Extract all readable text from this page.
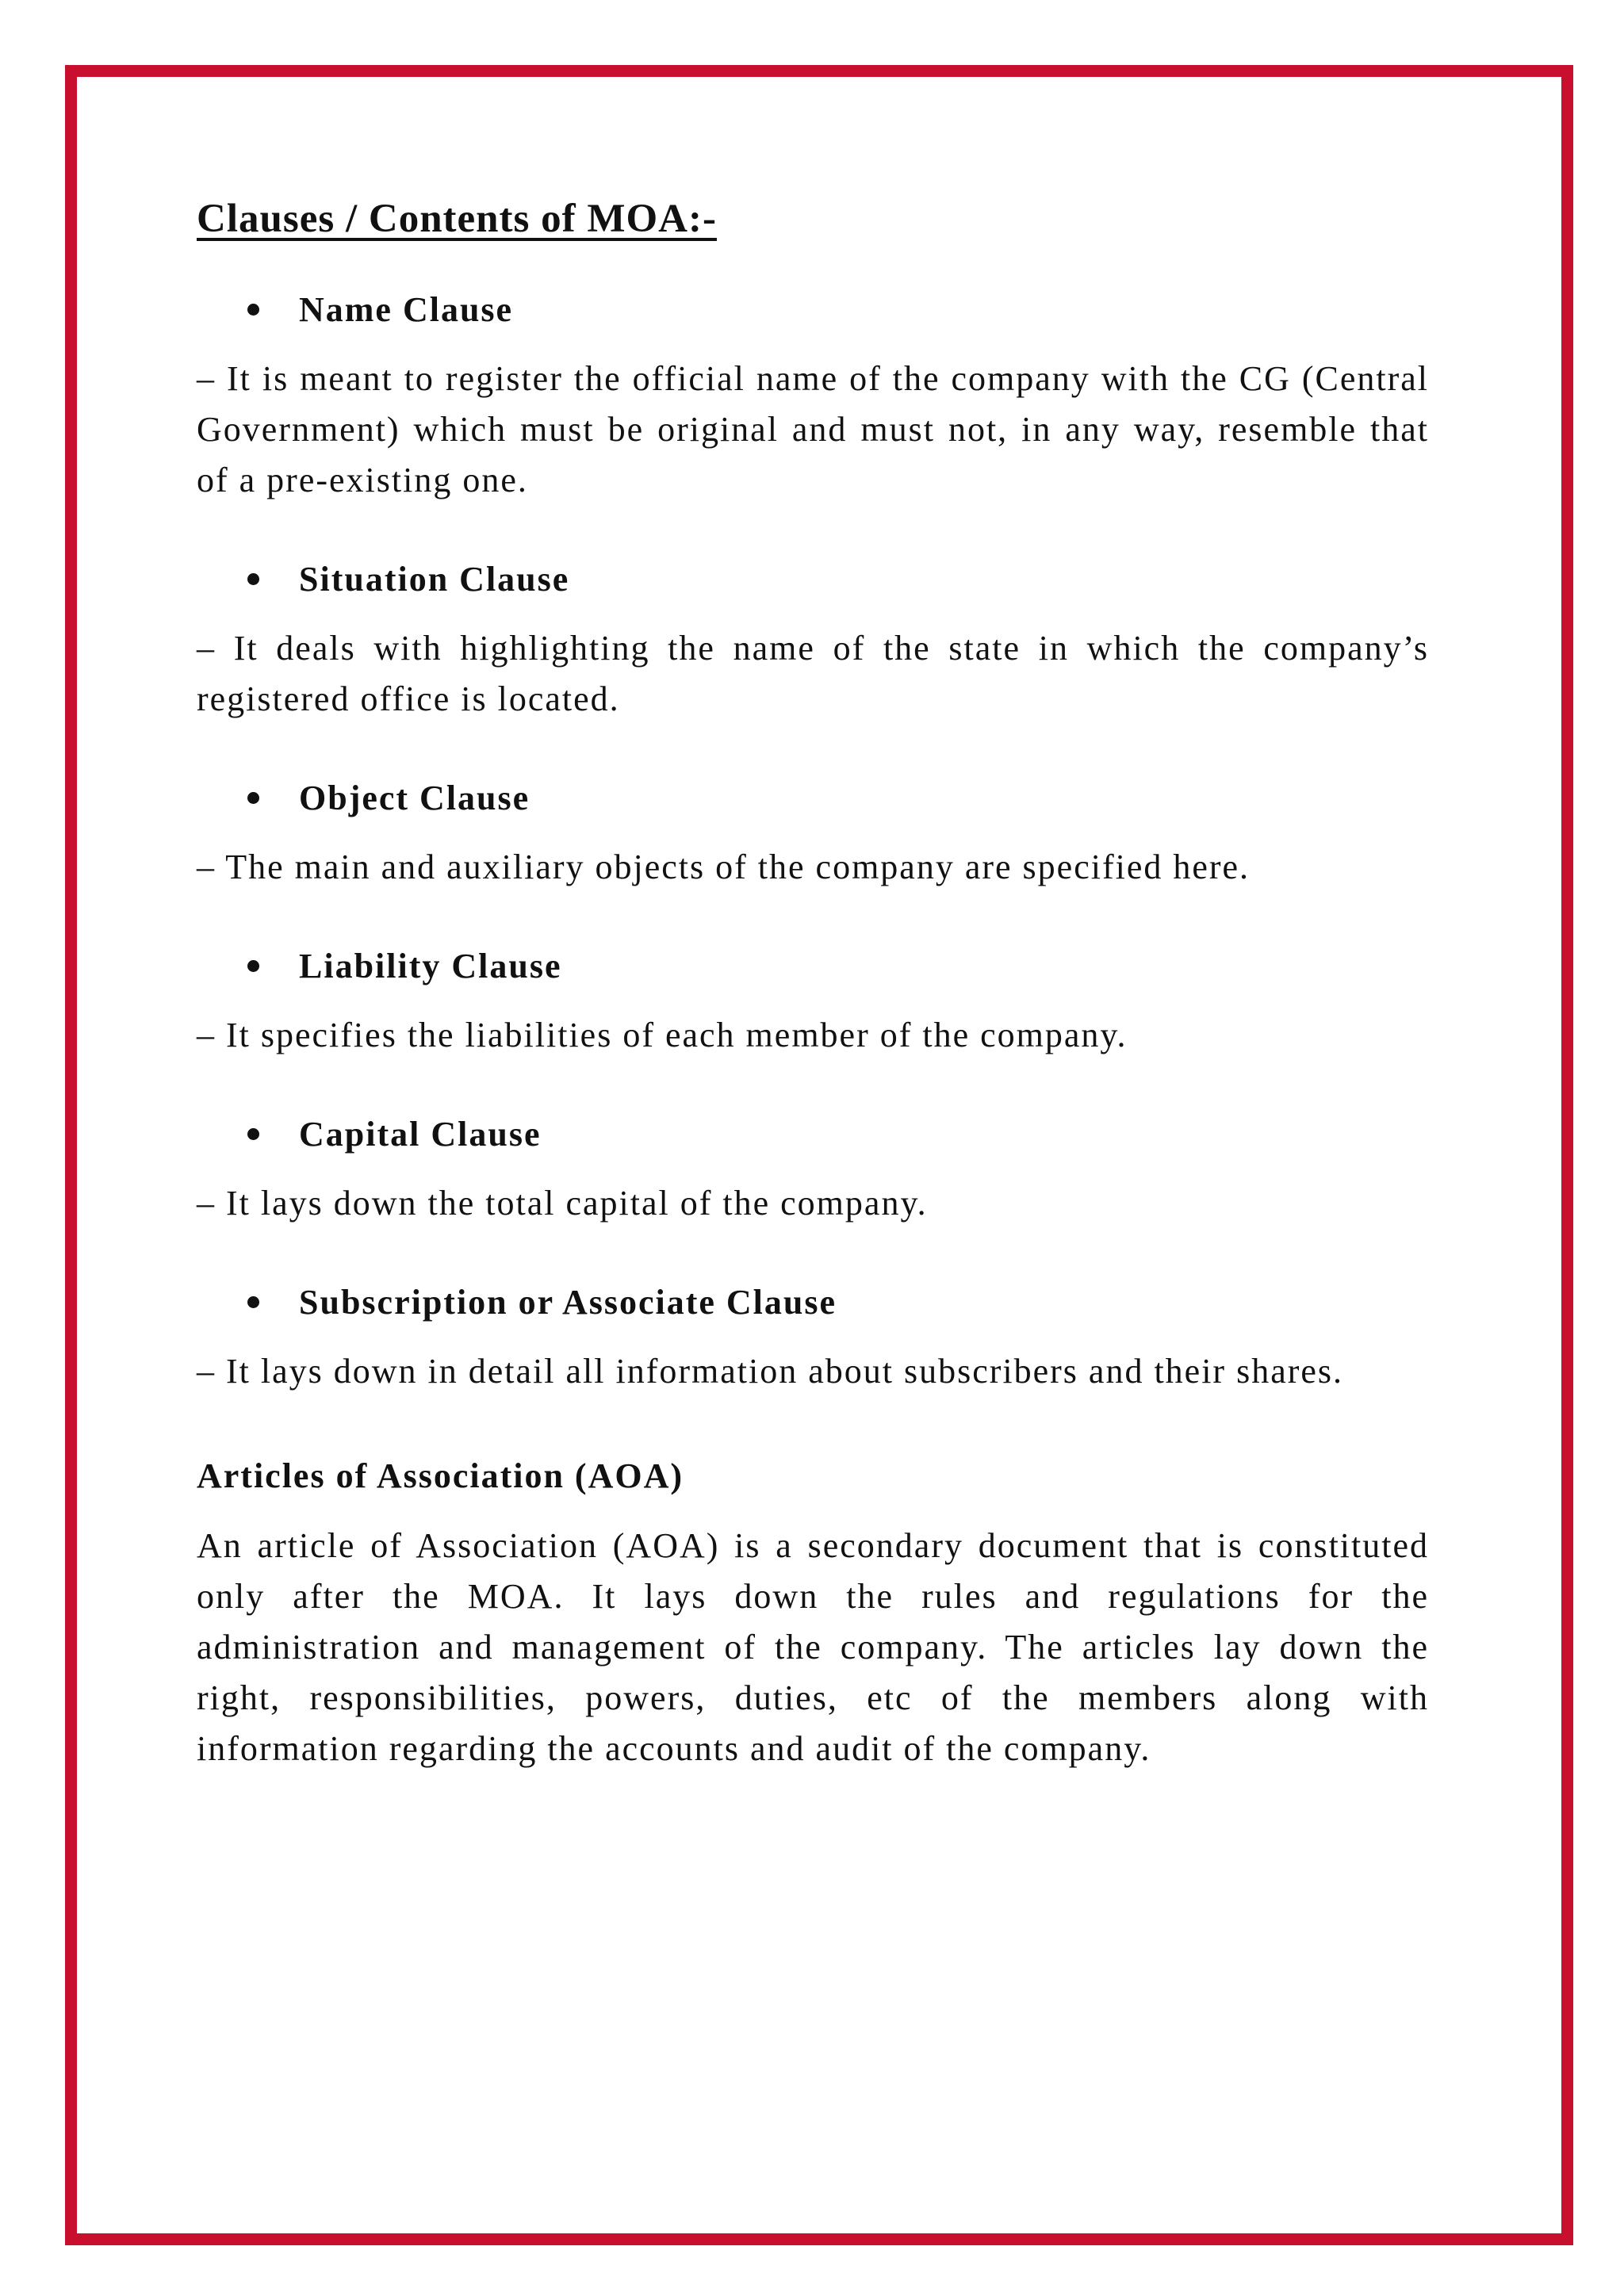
Clauses / Contents of MOA:-
Name Clause

– It is meant to register the official name of the company with the CG (Central Government) which must be original and must not, in any way, resemble that of a pre-existing one.

Situation Clause

– It deals with highlighting the name of the state in which the company’s registered office is located.

Object Clause

– The main and auxiliary objects of the company are specified here.

Liability Clause

– It specifies the liabilities of each member of the company.

Capital Clause

– It lays down the total capital of the company.

Subscription or Associate Clause

– It lays down in detail all information about subscribers and their shares.

Articles of Association (AOA)

An article of Association (AOA) is a secondary document that is constituted only after the MOA. It lays down the rules and regulations for the administration and management of the company. The articles lay down the right, responsibilities, powers, duties, etc of the members along with information regarding the accounts and audit of the company.
